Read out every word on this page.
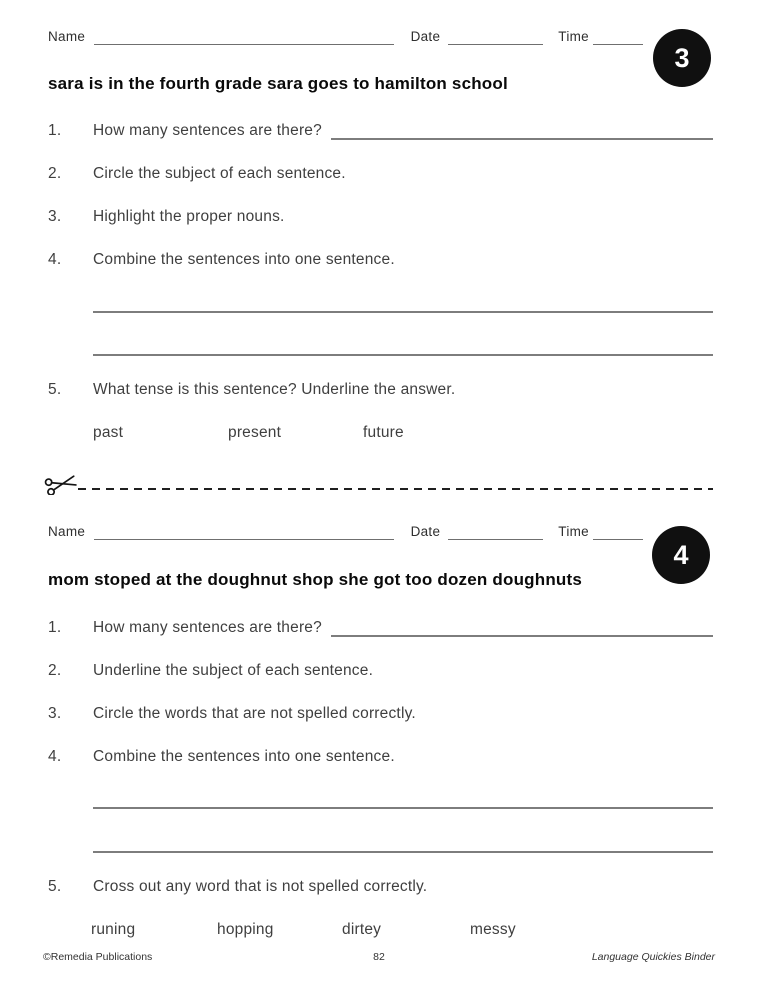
Name	Date	Time
3
sara is in the fourth grade sara goes to hamilton school
1.	How many sentences are there?
2.	Circle the subject of each sentence.
3.	Highlight the proper nouns.
4.	Combine the sentences into one sentence.
5.	What tense is this sentence? Underline the answer.
past	present	future
Name	Date	Time
4
mom stoped at the doughnut shop she got too dozen doughnuts
1.	How many sentences are there?
2.	Underline the subject of each sentence.
3.	Circle the words that are not spelled correctly.
4.	Combine the sentences into one sentence.
5.	Cross out any word that is not spelled correctly.
runing	hopping	dirtey	messy
©Remedia Publications	82	Language Quickies Binder
